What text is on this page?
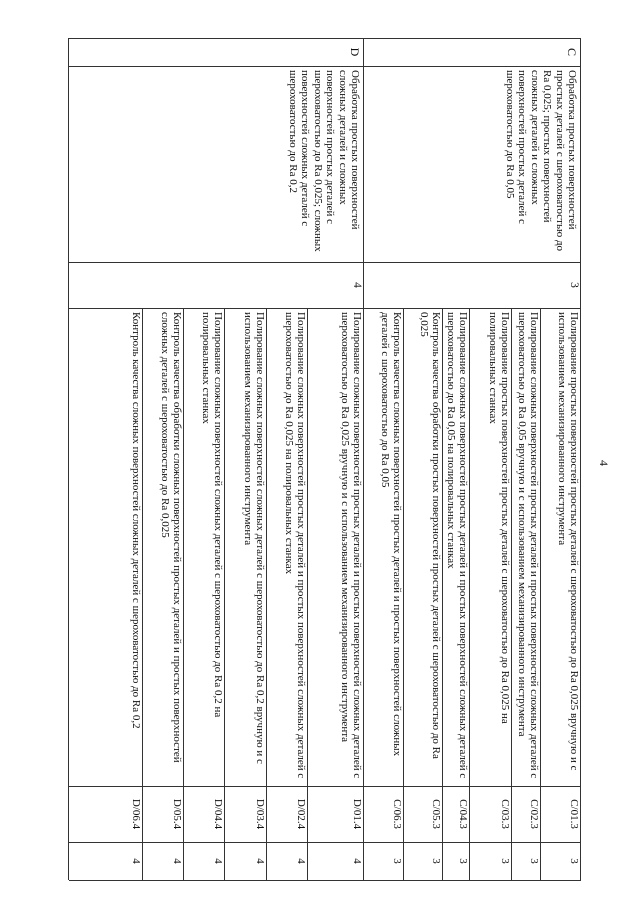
4
C
Обработка простых поверхностей простых деталей с шероховатостью до Ra 0,025; простых поверхностей сложных деталей и сложных поверхностей простых деталей с шероховатостью до Ra 0,05
3
Полирование простых поверхностей простых деталей с шероховатостью до Ra 0,025 вручную и с использованием механизированного инструмента
C/01.3
3
Полирование сложных поверхностей простых деталей и простых поверхностей сложных деталей с шероховатостью до Ra 0,05 вручную и с использованием механизированного инструмента
C/02.3
3
Полирование простых поверхностей простых деталей с шероховатостью до Ra 0,025 на полировальных станках
C/03.3
3
Полирование сложных поверхностей простых деталей и простых поверхностей сложных деталей с шероховатостью до Ra 0,05 на полировальных станках
C/04.3
3
Контроль качества обработки простых поверхностей простых деталей с шероховатостью до Ra 0,025
C/05.3
3
Контроль качества сложных поверхностей простых деталей и простых поверхностей сложных деталей с шероховатостью до Ra 0,05
C/06.3
3
D
Обработка простых поверхностей сложных деталей и сложных поверхностей простых деталей с шероховатостью до Ra 0,025; сложных поверхностей сложных деталей с шероховатостью до Ra 0,2
4
Полирование сложных поверхностей простых деталей и простых поверхностей сложных деталей с шероховатостью до Ra 0,025 вручную и с использованием механизированного инструмента
D/01.4
4
Полирование сложных поверхностей простых деталей и простых поверхностей сложных деталей с шероховатостью до Ra 0,025 на полировальных станках
D/02.4
4
Полирование сложных поверхностей сложных деталей с шероховатостью до Ra 0,2 вручную и с использованием механизированного инструмента
D/03.4
4
Полирование сложных поверхностей сложных деталей с шероховатостью до Ra 0,2 на полировальных станках
D/04.4
4
Контроль качества обработки сложных поверхностей простых деталей и простых поверхностей сложных деталей с шероховатостью до Ra 0,025
D/05.4
4
Контроль качества сложных поверхностей сложных деталей с шероховатостью до Ra 0,2
D/06.4
4
